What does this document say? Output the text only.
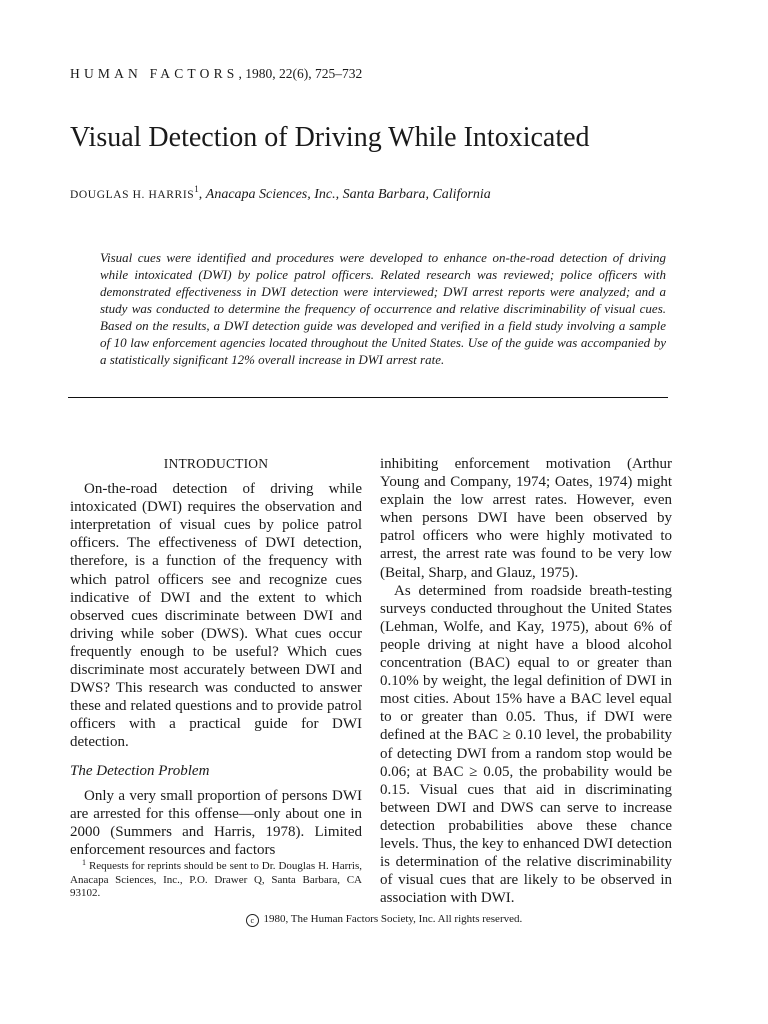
HUMAN FACTORS, 1980, 22(6), 725–732
Visual Detection of Driving While Intoxicated
DOUGLAS H. HARRIS$^1$, Anacapa Sciences, Inc., Santa Barbara, California

Visual cues were identified and procedures were developed to enhance on-the-road detection of driving while intoxicated (DWI) by police patrol officers. Related research was reviewed; police officers with demonstrated effectiveness in DWI detection were interviewed; DWI arrest reports were analyzed; and a study was conducted to determine the frequency of occurrence and relative discriminability of visual cues. Based on the results, a DWI detection guide was developed and verified in a field study involving a sample of 10 law enforcement agencies located throughout the United States. Use of the guide was accompanied by a statistically significant 12% overall increase in DWI arrest rate.

INTRODUCTION

On-the-road detection of driving while intoxicated (DWI) requires the observation and interpretation of visual cues by police patrol officers. The effectiveness of DWI detection, therefore, is a function of the frequency with which patrol officers see and recognize cues indicative of DWI and the extent to which observed cues discriminate between DWI and driving while sober (DWS). What cues occur frequently enough to be useful? Which cues discriminate most accurately between DWI and DWS? This research was conducted to answer these and related questions and to provide patrol officers with a practical guide for DWI detection.

The Detection Problem

Only a very small proportion of persons DWI are arrested for this offense—only about one in 2000 (Summers and Harris, 1978). Limited enforcement resources and factors

inhibiting enforcement motivation (Arthur Young and Company, 1974; Oates, 1974) might explain the low arrest rates. However, even when persons DWI have been observed by patrol officers who were highly motivated to arrest, the arrest rate was found to be very low (Beital, Sharp, and Glauz, 1975).

As determined from roadside breath-testing surveys conducted throughout the United States (Lehman, Wolfe, and Kay, 1975), about 6% of people driving at night have a blood alcohol concentration (BAC) equal to or greater than 0.10% by weight, the legal definition of DWI in most cities. About 15% have a BAC level equal to or greater than 0.05. Thus, if DWI were defined at the BAC ≥ 0.10 level, the probability of detecting DWI from a random stop would be 0.06; at BAC ≥ 0.05, the probability would be 0.15. Visual cues that aid in discriminating between DWI and DWS can serve to increase detection probabilities above these chance levels. Thus, the key to enhanced DWI detection is determination of the relative discriminability of visual cues that are likely to be observed in association with DWI.

$^1$ Requests for reprints should be sent to Dr. Douglas H. Harris, Anacapa Sciences, Inc., P.O. Drawer Q, Santa Barbara, CA 93102.

c 1980, The Human Factors Society, Inc. All rights reserved.
